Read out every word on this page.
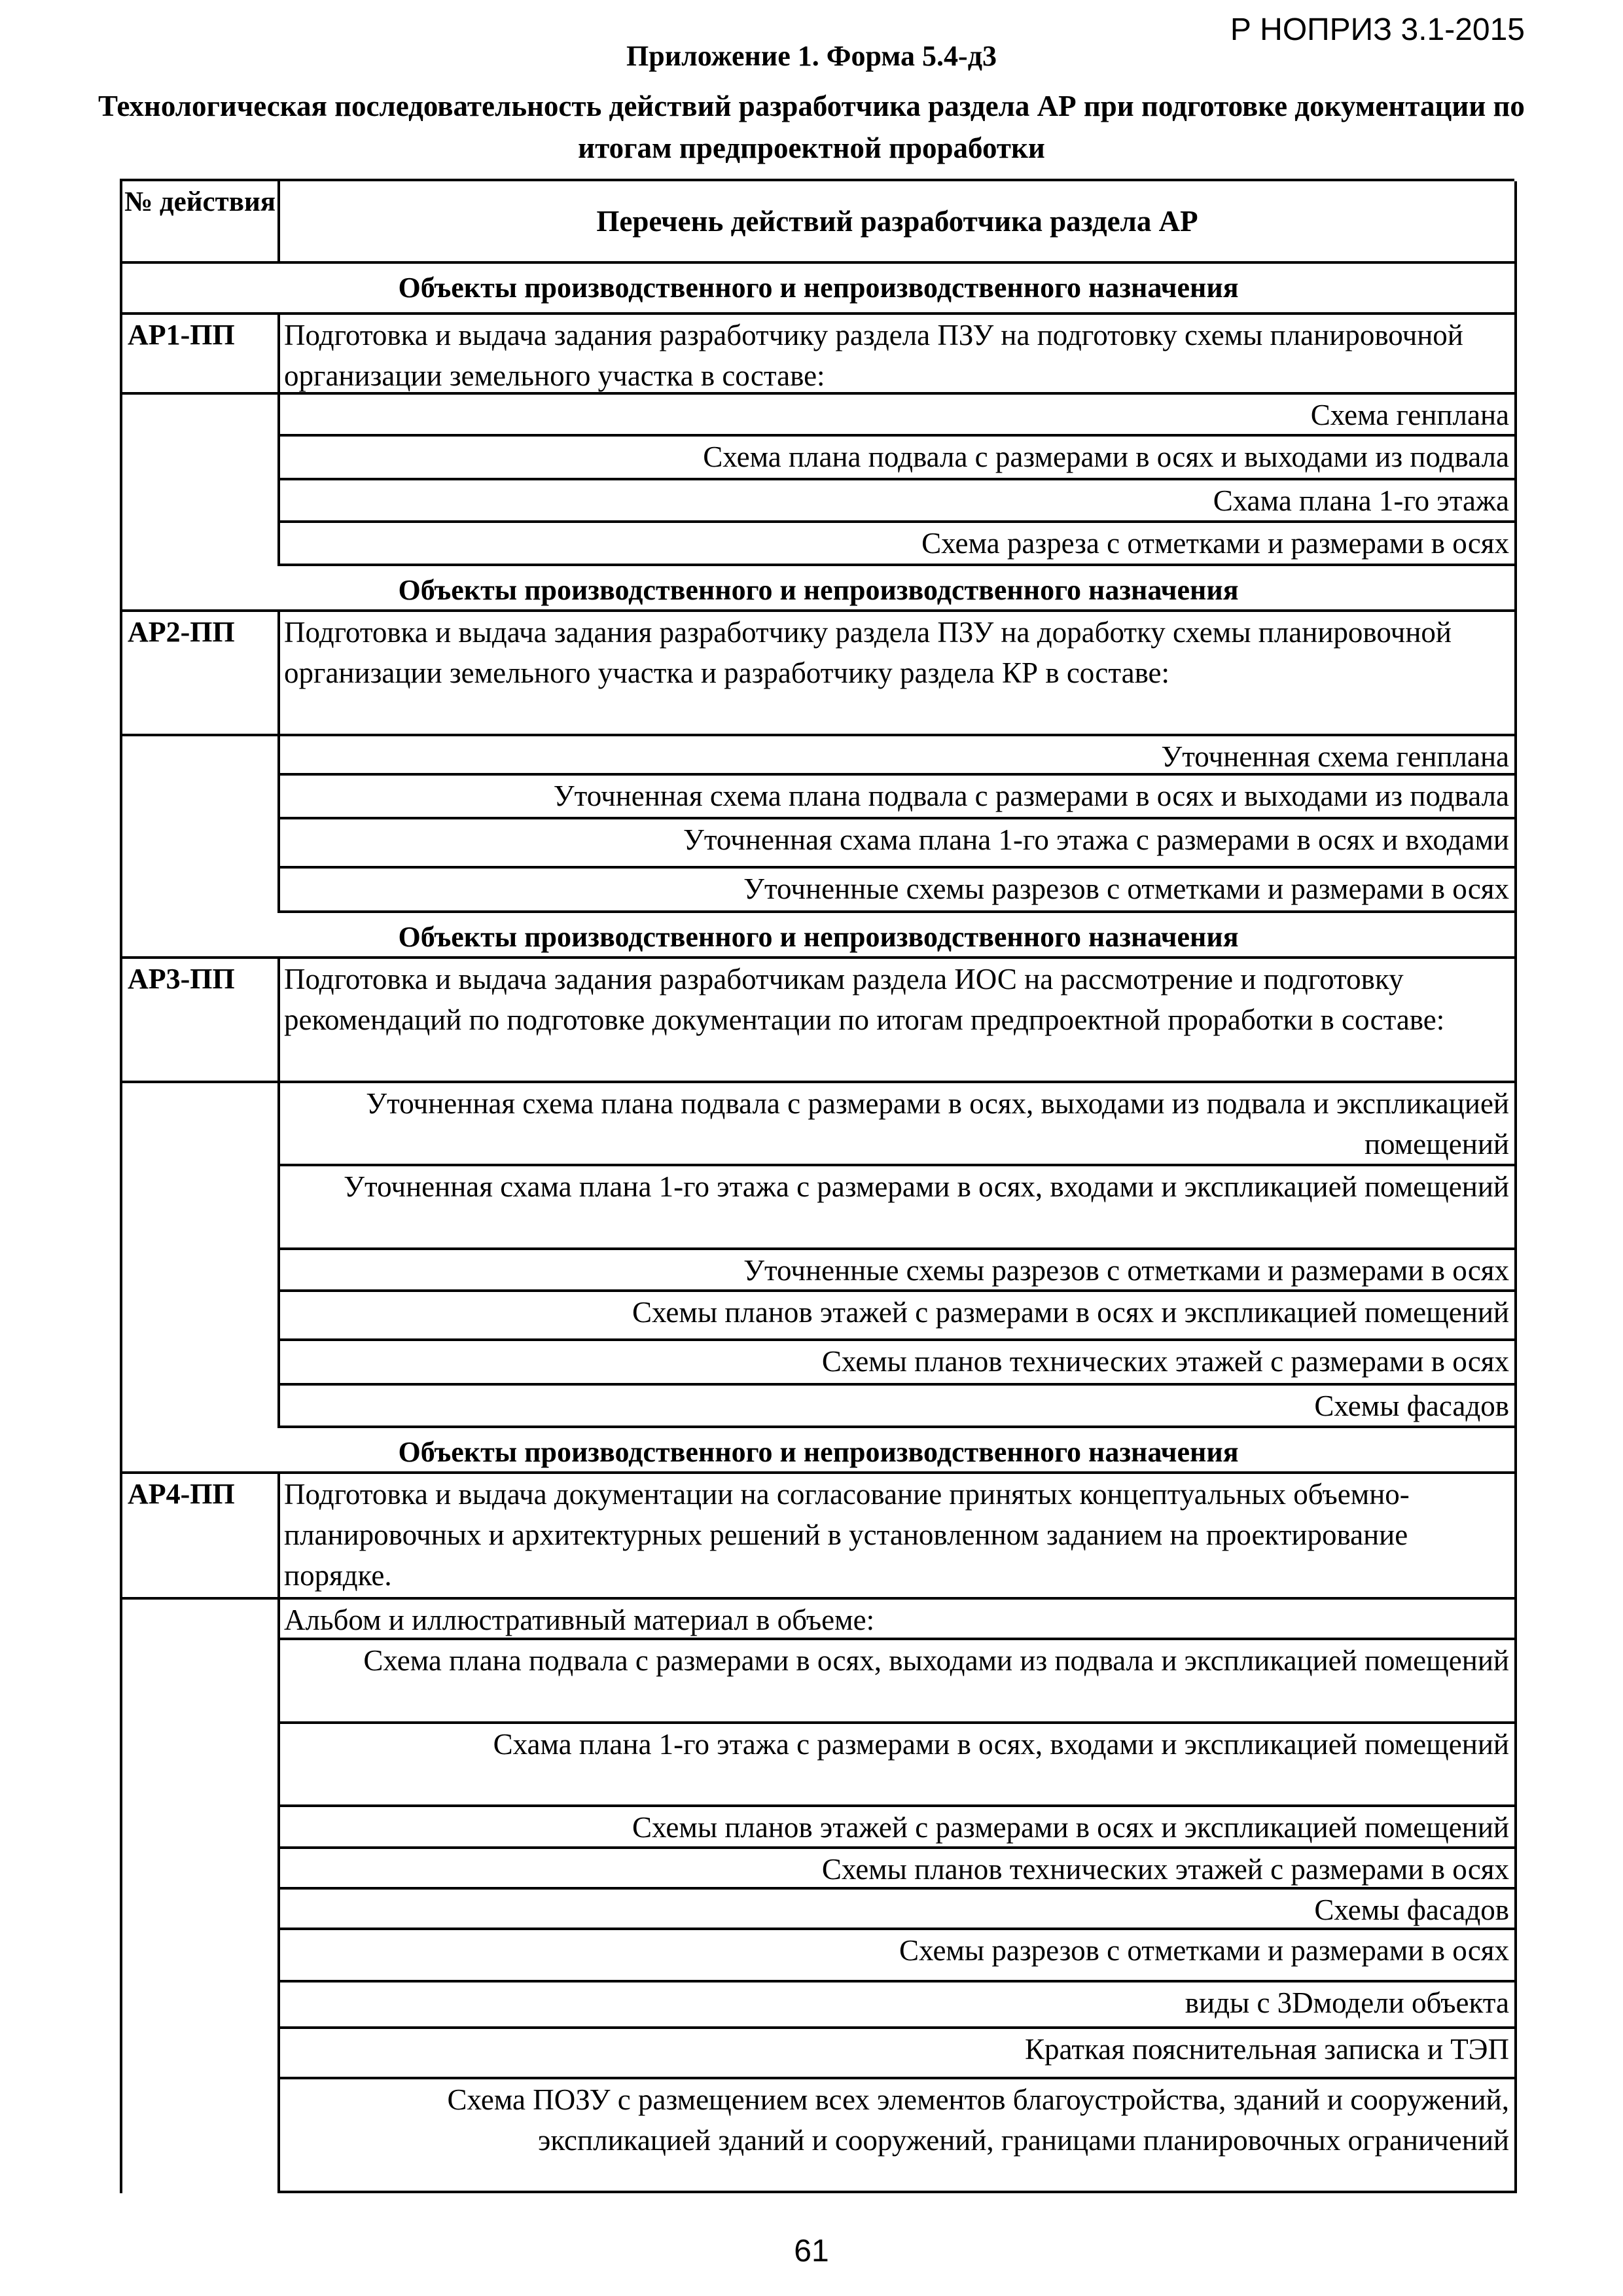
Р НОПРИЗ 3.1-2015
Приложение 1. Форма 5.4-д3
Технологическая последовательность действий разработчика раздела АР при подготовке документации по итогам предпроектной проработки
№ действия
Перечень действий разработчика раздела АР
Объекты производственного и непроизводственного назначения
АР1-ПП	Подготовка и выдача задания разработчику раздела ПЗУ на подготовку схемы планировочной организации земельного участка в составе:
Схема генплана
Схема плана подвала с размерами в осях и выходами из подвала
Схама плана 1-го этажа
Схема разреза с отметками и размерами в осях
Объекты производственного и непроизводственного назначения
АР2-ПП	Подготовка и выдача задания разработчику раздела ПЗУ на доработку схемы планировочной организации земельного участка и разработчику раздела КР в составе:
Уточненная схема генплана
Уточненная схема плана подвала с размерами в осях и выходами из подвала
Уточненная схама плана 1-го этажа с размерами в осях и входами
Уточненные схемы разрезов с отметками и размерами в осях
Объекты производственного и непроизводственного назначения
АР3-ПП	Подготовка и выдача задания разработчикам раздела ИОС на рассмотрение и подготовку рекомендаций по подготовке документации по итогам предпроектной проработки в составе:
Уточненная схема плана подвала с размерами в осях, выходами из подвала и экспликацией помещений
Уточненная схама плана 1-го этажа с размерами в осях, входами и экспликацией помещений
Уточненные схемы разрезов с отметками и размерами в осях
Схемы планов этажей с размерами в осях и экспликацией помещений
Схемы планов технических этажей с размерами в осях
Схемы фасадов
Объекты производственного и непроизводственного назначения
АР4-ПП	Подготовка и выдача документации на согласование принятых концептуальных объемно-планировочных и архитектурных решений в установленном заданием на проектирование порядке.
Альбом и иллюстративный материал в объеме:
Схема плана подвала с размерами в осях, выходами из подвала и экспликацией помещений
Схама плана 1-го этажа с размерами в осях, входами и экспликацией помещений
Схемы планов этажей с размерами в осях и экспликацией помещений
Схемы планов технических этажей с размерами в осях
Схемы фасадов
Схемы разрезов с отметками и размерами в осях
виды с 3Dмодели объекта
Краткая пояснительная записка и ТЭП
Схема ПОЗУ с размещением всех элементов благоустройства, зданий и сооружений, экспликацией зданий и сооружений, границами планировочных ограничений
61
